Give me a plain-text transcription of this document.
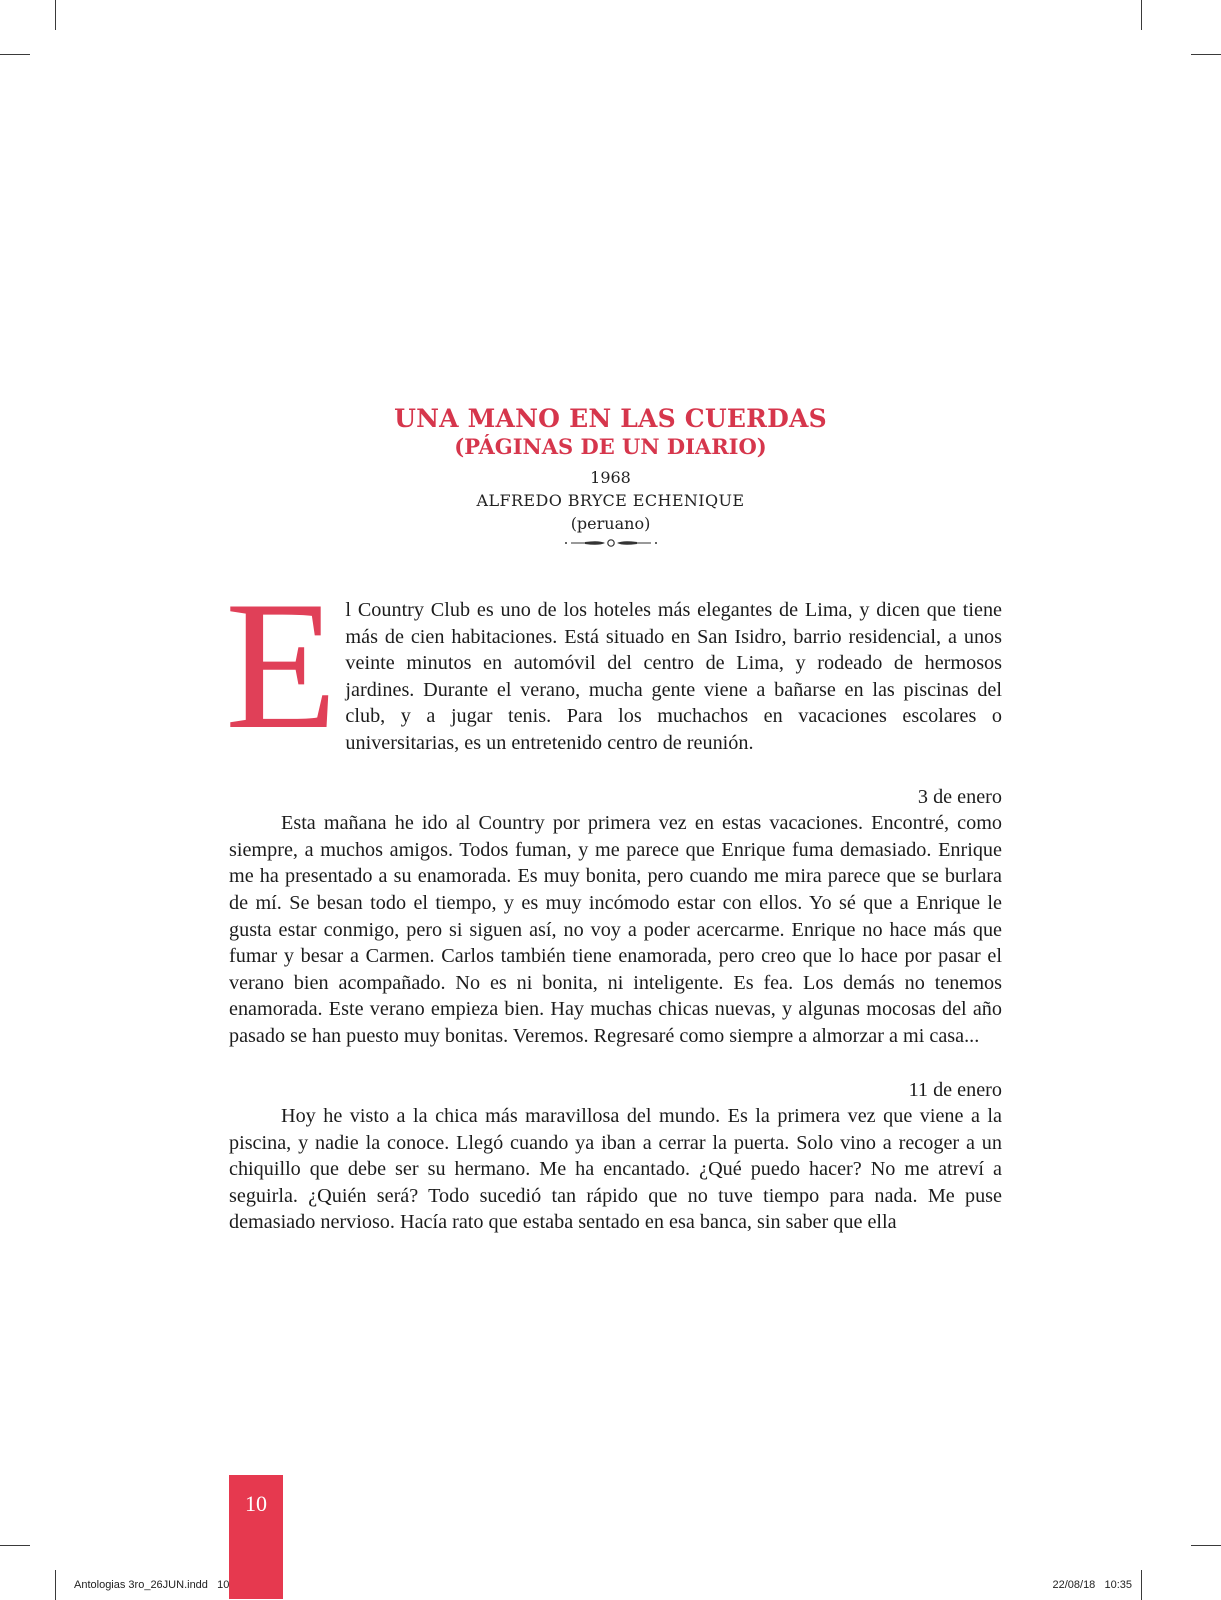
UNA MANO EN LAS CUERDAS
(PÁGINAS DE UN DIARIO)
1968
ALFREDO BRYCE ECHENIQUE
(peruano)

El Country Club es uno de los hoteles más elegantes de Lima, y dicen que tiene más de cien habitaciones. Está situado en San Isidro, barrio residencial, a unos veinte minutos en automóvil del centro de Lima, y rodeado de hermosos jardines. Durante el verano, mucha gente viene a bañarse en las piscinas del club, y a jugar tenis. Para los muchachos en vacaciones escolares o universitarias, es un entretenido centro de reunión.

3 de enero

Esta mañana he ido al Country por primera vez en estas vacaciones. Encontré, como siempre, a muchos amigos. Todos fuman, y me parece que Enrique fuma demasiado. Enrique me ha presentado a su enamorada. Es muy bonita, pero cuando me mira parece que se burlara de mí. Se besan todo el tiempo, y es muy incómodo estar con ellos. Yo sé que a Enrique le gusta estar conmigo, pero si siguen así, no voy a poder acercarme. Enrique no hace más que fumar y besar a Carmen. Carlos también tiene enamorada, pero creo que lo hace por pasar el verano bien acompañado. No es ni bonita, ni inteligente. Es fea. Los demás no tenemos enamorada. Este verano empieza bien. Hay muchas chicas nuevas, y algunas mocosas del año pasado se han puesto muy bonitas. Veremos. Regresaré como siempre a almorzar a mi casa...

11 de enero

Hoy he visto a la chica más maravillosa del mundo. Es la primera vez que viene a la piscina, y nadie la conoce. Llegó cuando ya iban a cerrar la puerta. Solo vino a recoger a un chiquillo que debe ser su hermano. Me ha encantado. ¿Qué puedo hacer? No me atreví a seguirla. ¿Quién será? Todo sucedió tan rápido que no tuve tiempo para nada. Me puse demasiado nervioso. Hacía rato que estaba sentado en esa banca, sin saber que ella

10
Antologias 3ro_26JUN.indd   10	22/08/18   10:35
